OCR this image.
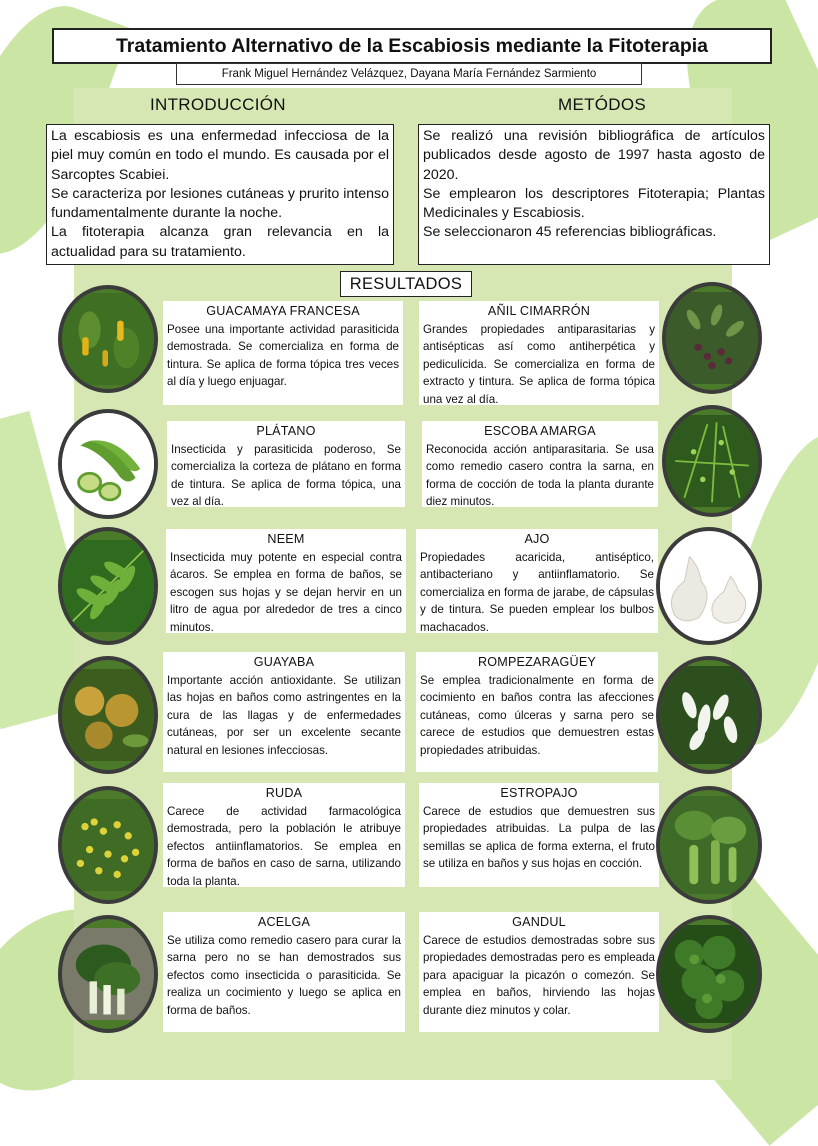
Tratamiento Alternativo de la Escabiosis mediante la Fitoterapia
Frank Miguel Hernández Velázquez, Dayana María Fernández Sarmiento
INTRODUCCIÓN	METÓDOS

La escabiosis es una enfermedad infecciosa de la piel muy común en todo el mundo. Es causada por el Sarcoptes Scabiei.

Se caracteriza por lesiones cutáneas y prurito intenso fundamentalmente durante la noche.

La fitoterapia alcanza gran relevancia en la actualidad para su tratamiento.

Se realizó una revisión bibliográfica de artículos publicados desde agosto de 1997 hasta agosto de 2020.

Se emplearon los descriptores Fitoterapia; Plantas Medicinales y Escabiosis.

Se seleccionaron 45 referencias bibliográficas.

RESULTADOS
GUACAMAYA FRANCESA
Posee una importante actividad parasiticida demostrada. Se comercializa en forma de tintura. Se aplica de forma tópica tres veces al día y luego enjuagar.
PLÁTANO
Insecticida y parasiticida poderoso, Se comercializa la corteza de plátano en forma de tintura. Se aplica de forma tópica, una vez al día.
NEEM
Insecticida muy potente en especial contra ácaros. Se emplea en forma de baños, se escogen sus hojas y se dejan hervir en un litro de agua por alrededor de tres a cinco minutos.
GUAYABA
Importante acción antioxidante. Se utilizan las hojas en baños como astringentes en la cura de las llagas y de enfermedades cutáneas, por ser un excelente secante natural en lesiones infecciosas.
RUDA
Carece de actividad farmacológica demostrada, pero la población le atribuye efectos antiinflamatorios. Se emplea en forma de baños en caso de sarna, utilizando toda la planta.
ACELGA
Se utiliza como remedio casero para curar la sarna pero no se han demostrados sus efectos como insecticida o parasiticida. Se realiza un cocimiento y luego se aplica en forma de baños.
AÑIL CIMARRÓN
Grandes propiedades antiparasitarias y antisépticas así como antiherpética y pediculicida. Se comercializa en forma de extracto y tintura. Se aplica de forma tópica una vez al día.
ESCOBA AMARGA
Reconocida acción antiparasitaria. Se usa como remedio casero contra la sarna, en forma de cocción de toda la planta durante diez minutos.
AJO
Propiedades acaricida, antiséptico, antibacteriano y antiinflamatorio. Se comercializa en forma de jarabe, de cápsulas y de tintura. Se pueden emplear los bulbos machacados.
ROMPEZARAGÜEY
Se emplea tradicionalmente en forma de cocimiento en baños contra las afecciones cutáneas, como úlceras y sarna pero se carece de estudios que demuestren estas propiedades atribuidas.
ESTROPAJO
Carece de estudios que demuestren sus propiedades atribuidas. La pulpa de las semillas se aplica de forma externa, el fruto se utiliza en baños y sus hojas en cocción.
GANDUL
Carece de estudios demostradas sobre sus propiedades demostradas pero es empleada para apaciguar la picazón o comezón. Se emplea en baños, hirviendo las hojas durante diez minutos y colar.
